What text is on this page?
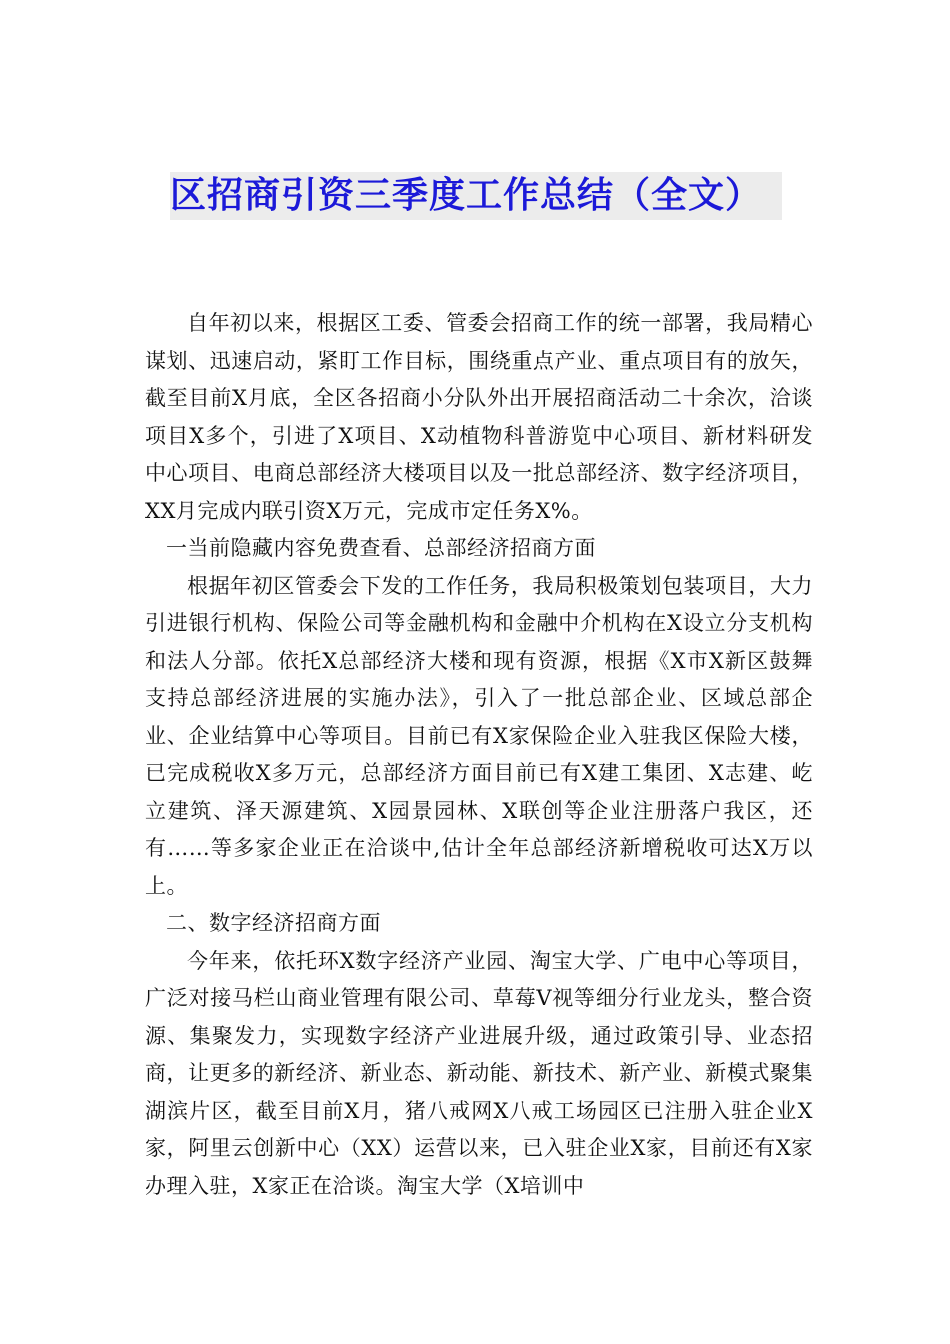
区招商引资三季度工作总结（全文）

自年初以来，根据区工委、管委会招商工作的统一部署，我局精心谋划、迅速启动，紧盯工作目标，围绕重点产业、重点项目有的放矢，截至目前X月底，全区各招商小分队外出开展招商活动二十余次，洽谈项目X多个，引进了X项目、X动植物科普游览中心项目、新材料研发中心项目、电商总部经济大楼项目以及一批总部经济、数字经济项目，XX月完成内联引资X万元，完成市定任务X%。

一当前隐藏内容免费查看、总部经济招商方面

根据年初区管委会下发的工作任务，我局积极策划包装项目，大力引进银行机构、保险公司等金融机构和金融中介机构在X设立分支机构和法人分部。依托X总部经济大楼和现有资源，根据《X市X新区鼓舞支持总部经济进展的实施办法》，引入了一批总部企业、区域总部企业、企业结算中心等项目。目前已有X家保险企业入驻我区保险大楼，已完成税收X多万元，总部经济方面目前已有X建工集团、X志建、屹立建筑、泽天源建筑、X园景园林、X联创等企业注册落户我区，还有……等多家企业正在洽谈中,估计全年总部经济新增税收可达X万以上。

二、数字经济招商方面

今年来，依托环X数字经济产业园、淘宝大学、广电中心等项目，广泛对接马栏山商业管理有限公司、草莓V视等细分行业龙头，整合资源、集聚发力，实现数字经济产业进展升级，通过政策引导、业态招商，让更多的新经济、新业态、新动能、新技术、新产业、新模式聚集湖滨片区，截至目前X月，猪八戒网X八戒工场园区已注册入驻企业X家，阿里云创新中心（XX）运营以来，已入驻企业X家，目前还有X家办理入驻，X家正在洽谈。淘宝大学（X培训中
